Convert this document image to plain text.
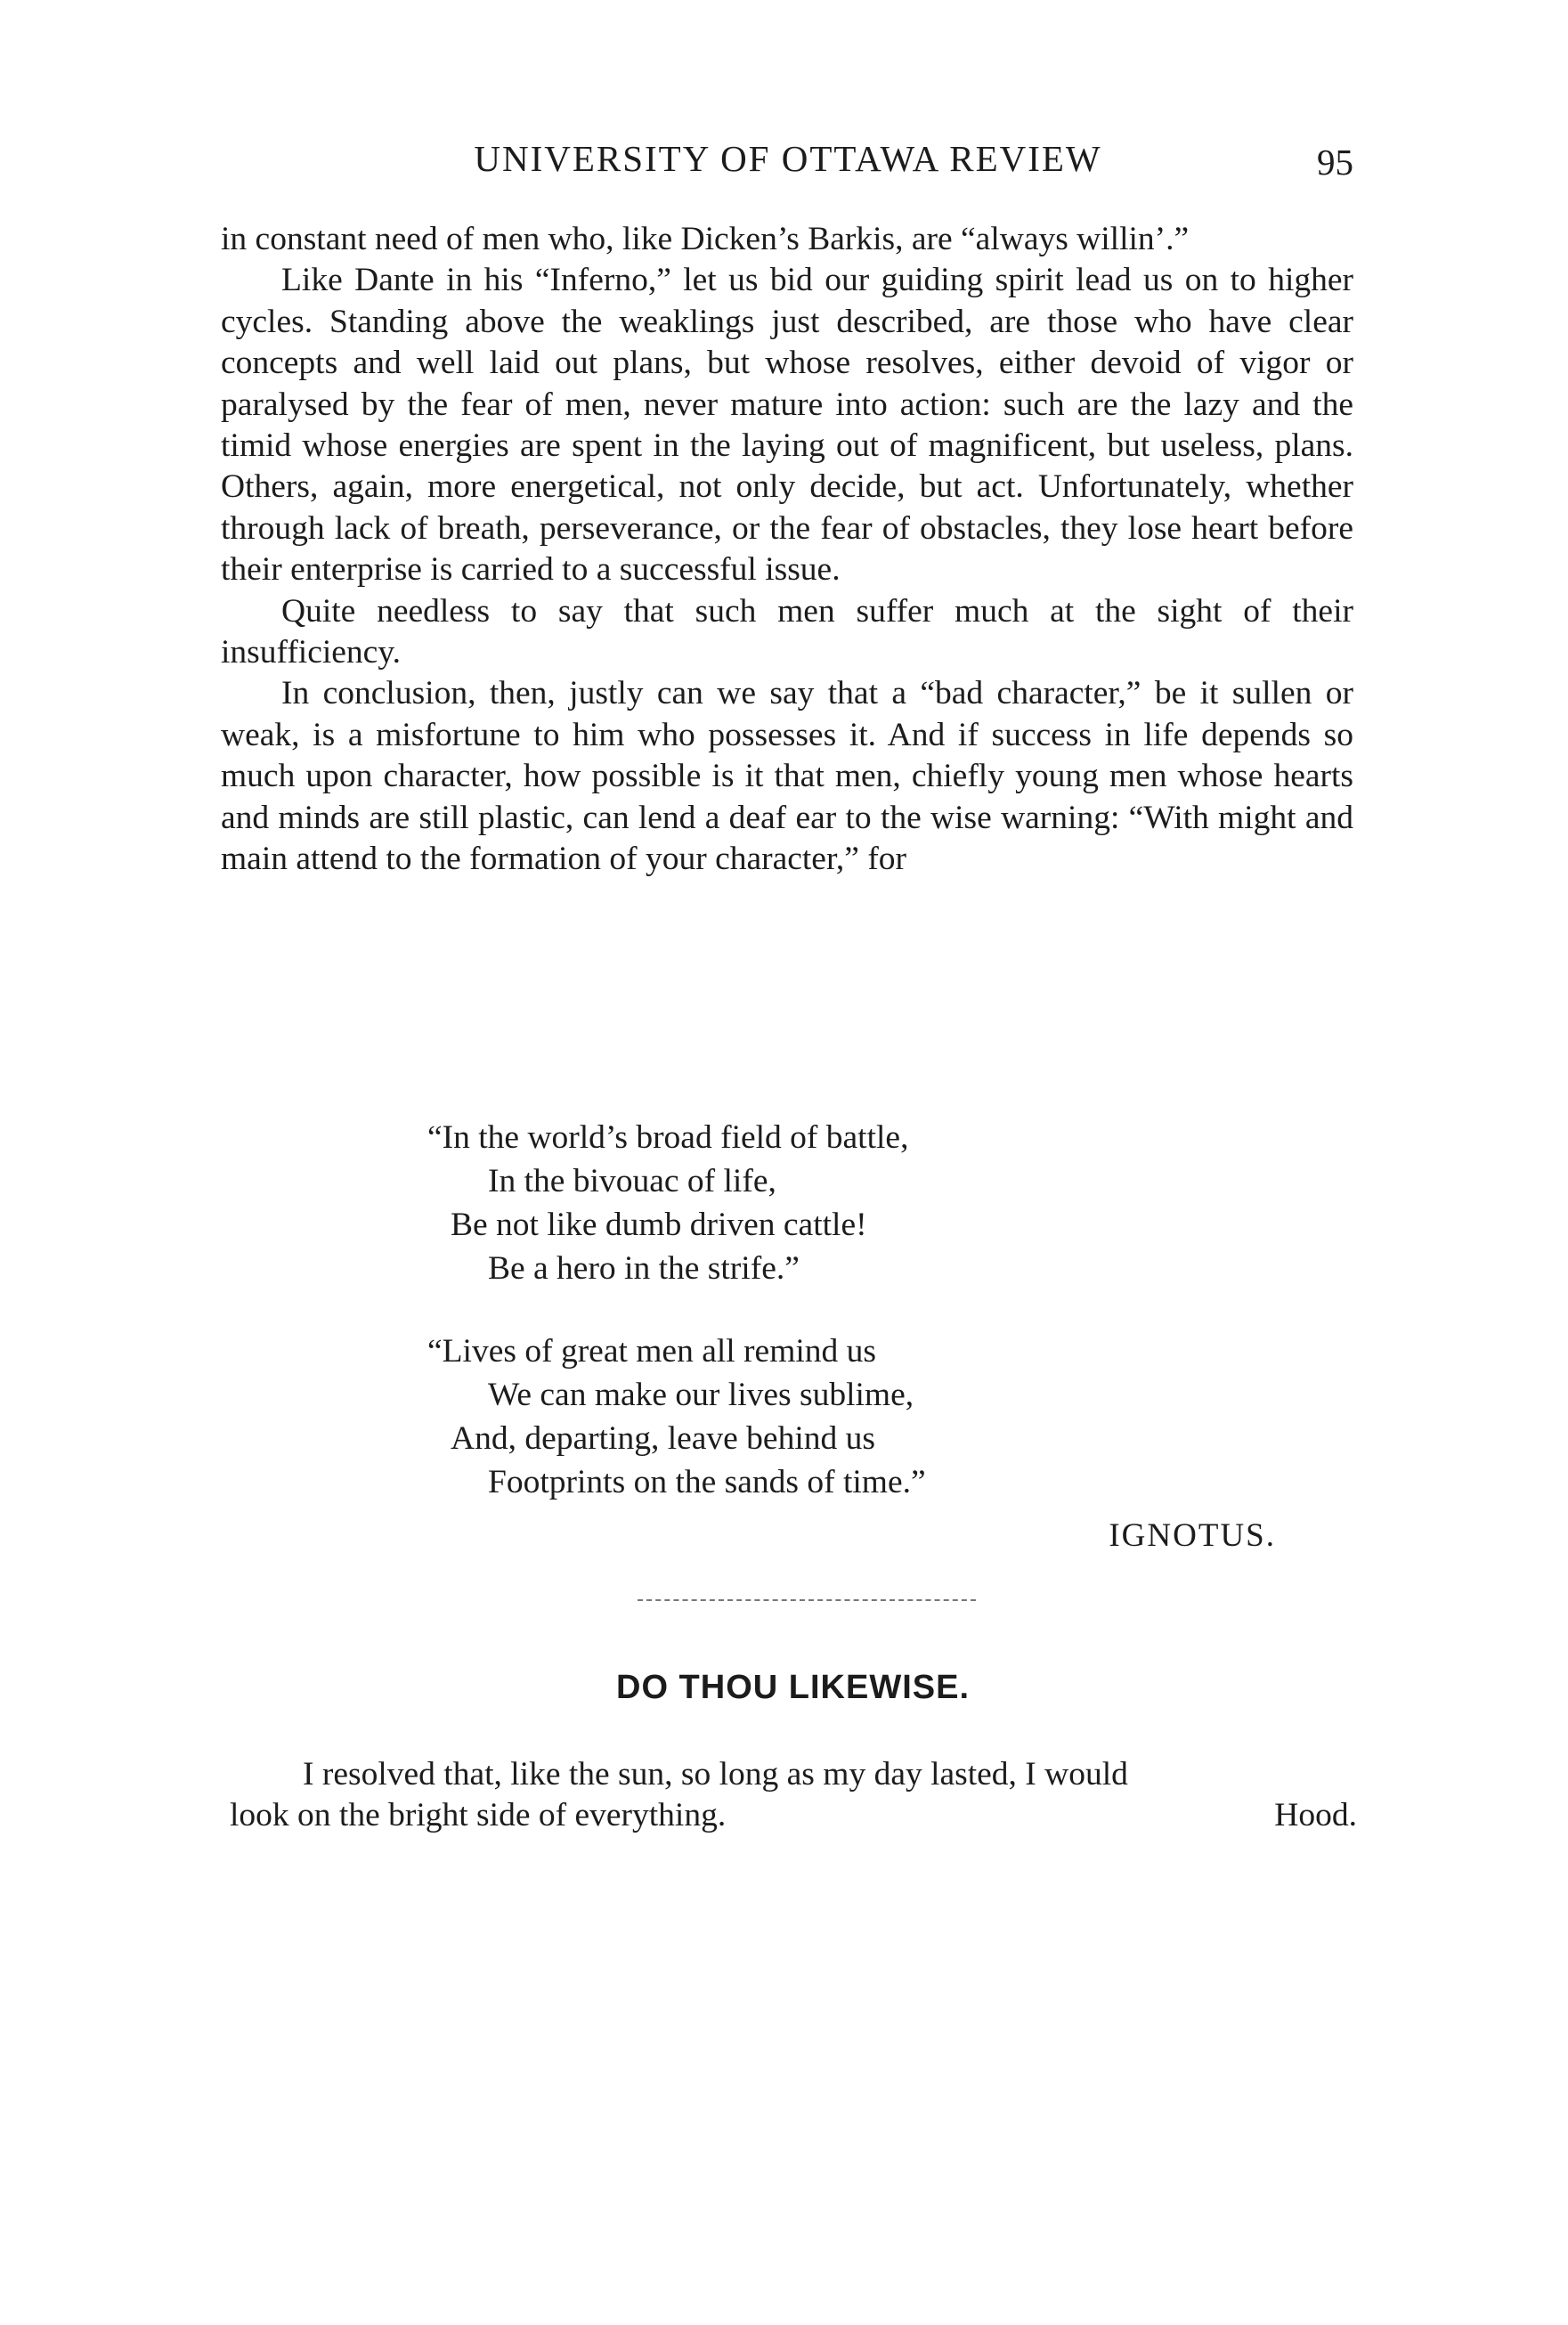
UNIVERSITY OF OTTAWA REVIEW	95

in constant need of men who, like Dicken’s Barkis, are “always willin’.”

Like Dante in his “Inferno,” let us bid our guiding spirit lead us on to higher cycles. Standing above the weaklings just described, are those who have clear concepts and well laid out plans, but whose resolves, either devoid of vigor or paralysed by the fear of men, never mature into action: such are the lazy and the timid whose energies are spent in the laying out of magnificent, but useless, plans. Others, again, more energetical, not only decide, but act. Unfortunately, whether through lack of breath, perseverance, or the fear of obstacles, they lose heart before their enterprise is carried to a successful issue.

Quite needless to say that such men suffer much at the sight of their insufficiency.

In conclusion, then, justly can we say that a “bad character,” be it sullen or weak, is a misfortune to him who possesses it. And if success in life depends so much upon character, how possible is it that men, chiefly young men whose hearts and minds are still plastic, can lend a deaf ear to the wise warning: “With might and main attend to the formation of your character,” for

“In the world’s broad field of battle,
In the bivouac of life,
Be not like dumb driven cattle!
Be a hero in the strife.”
“Lives of great men all remind us
We can make our lives sublime,
And, departing, leave behind us
Footprints on the sands of time.”
IGNOTUS.
DO THOU LIKEWISE.

I resolved that, like the sun, so long as my day lasted, I would

look on the bright side of everything.	Hood.
